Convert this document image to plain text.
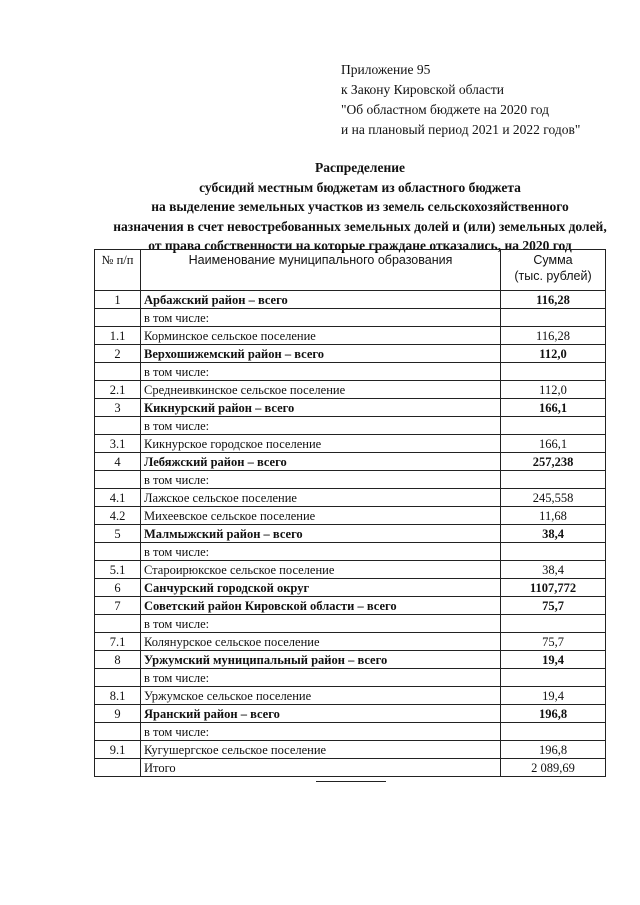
Приложение 95
к Закону Кировской области
"Об областном бюджете на 2020 год
и на плановый период 2021 и 2022 годов"
Распределение
субсидий местным бюджетам из областного бюджета
на выделение земельных участков из земель сельскохозяйственного
назначения в счет невостребованных земельных долей и (или) земельных долей,
от права собственности на которые граждане отказались, на 2020 год
№ п/п	Наименование муниципального образования	Сумма
(тыс. рублей)

1	Арбажский район – всего	116,28
	в том числе:	
1.1	Корминское сельское поселение	116,28
2	Верхошижемский район – всего	112,0
	в том числе:	
2.1	Среднеивкинское сельское поселение	112,0
3	Кикнурский район – всего	166,1
	в том числе:	
3.1	Кикнурское городское поселение	166,1
4	Лебяжский район – всего	257,238
	в том числе:	
4.1	Лажское сельское поселение	245,558
4.2	Михеевское сельское поселение	11,68
5	Малмыжский район – всего	38,4
	в том числе:	
5.1	Староирюкское сельское поселение	38,4
6	Санчурский городской округ	1107,772
7	Советский район Кировской области – всего	75,7
	в том числе:	
7.1	Колянурское сельское поселение	75,7
8	Уржумский муниципальный район – всего	19,4
	в том числе:	
8.1	Уржумское сельское поселение	19,4
9	Яранский район – всего	196,8
	в том числе:	
9.1	Кугушергское сельское поселение	196,8
	Итого	2 089,69
